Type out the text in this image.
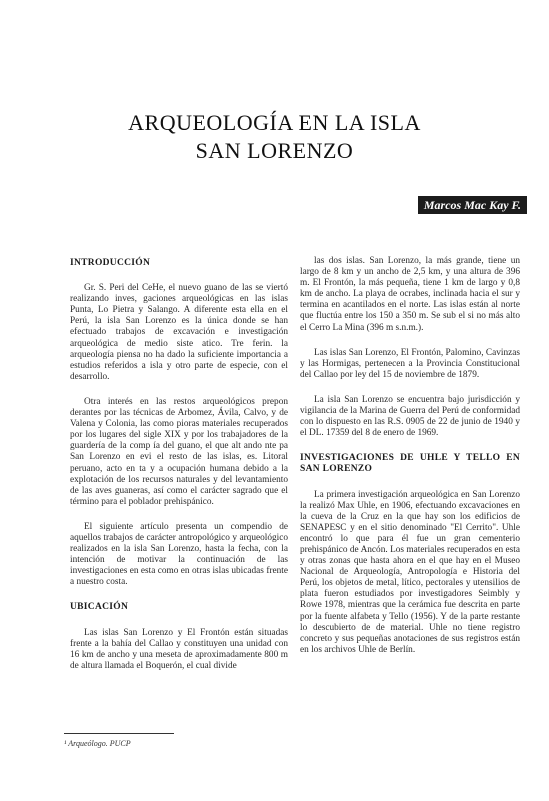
ARQUEOLOGÍA EN LA ISLA
SAN LORENZO
Marcos Mac Kay F.
INTRODUCCIÓN

Gr. S. Peri del CeHe, el nuevo guano de las se viertó realizando inves, gaciones arqueológicas en las islas Punta, Lo Pietra y Salango. A diferente esta ella en el Perú, la isla San Lorenzo es la única donde se han efectuado trabajos de excavación e investigación arqueológica de medio siste atico. Tre ferin. la arqueología piensa no ha dado la suficiente importancia a estudios referidos a isla y otro parte de especie, con el desarrollo.

Otra interés en las restos arqueológicos prepon derantes por las técnicas de Arbomez, Ávila, Calvo, y de Valena y Colonia, las como pioras materiales recuperados por los lugares del sigle XIX y por los trabajadores de la guardería de la comp ía del guano, el que alt ando nte pa San Lorenzo en evi el resto de las islas, es. Litoral peruano, acto en ta y a ocupación humana debido a la explotación de los recursos naturales y del levantamiento de las aves guaneras, así como el carácter sagrado que el término para el poblador prehispánico.

El siguiente artículo presenta un compendio de aquellos trabajos de carácter antropológico y arqueológico realizados en la isla San Lorenzo, hasta la fecha, con la intención de motivar la continuación de las investigaciones en esta como en otras islas ubicadas frente a nuestro costa.

UBICACIÓN

Las islas San Lorenzo y El Frontón están situadas frente a la bahía del Callao y constituyen una unidad con 16 km de ancho y una meseta de aproximadamente 800 m de altura llamada el Boquerón, el cual divide

las dos islas. San Lorenzo, la más grande, tiene un largo de 8 km y un ancho de 2,5 km, y una altura de 396 m. El Frontón, la más pequeña, tiene 1 km de largo y 0,8 km de ancho. La playa de ocrabes, inclinada hacia el sur y termina en acantilados en el norte. Las islas están al norte que fluctúa entre los 150 a 350 m. Se sub el si no más alto el Cerro La Mina (396 m s.n.m.).

Las islas San Lorenzo, El Frontón, Palomino, Cavinzas y las Hormigas, pertenecen a la Provincia Constitucional del Callao por ley del 15 de noviembre de 1879.

La isla San Lorenzo se encuentra bajo jurisdicción y vigilancia de la Marina de Guerra del Perú de conformidad con lo dispuesto en las R.S. 0905 de 22 de junio de 1940 y el DL. 17359 del 8 de enero de 1969.

INVESTIGACIONES DE UHLE Y TELLO EN SAN LORENZO

La primera investigación arqueológica en San Lorenzo la realizó Max Uhle, en 1906, efectuando excavaciones en la cueva de la Cruz en la que hay son los edificios de SENAPESC y en el sitio denominado "El Cerrito". Uhle encontró lo que para él fue un gran cementerio prehispánico de Ancón. Los materiales recuperados en esta y otras zonas que hasta ahora en el que hay en el Museo Nacional de Arqueología, Antropología e Historia del Perú, los objetos de metal, lítico, pectorales y utensilios de plata fueron estudiados por investigadores Seimbly y Rowe 1978, mientras que la cerámica fue descrita en parte por la fuente alfabeta y Tello (1956). Y de la parte restante lo descubierto de de material. Uhle no tiene registro concreto y sus pequeñas anotaciones de sus registros están en los archivos Uhle de Berlín.

¹ Arqueólogo. PUCP
